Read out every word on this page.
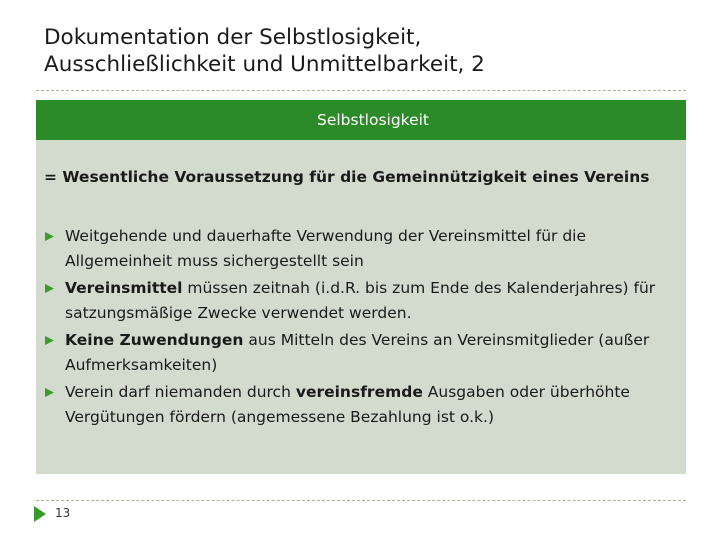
Dokumentation der Selbstlosigkeit,
Ausschließlichkeit und Unmittelbarkeit, 2
Selbstlosigkeit
= Wesentliche Voraussetzung für die Gemeinnützigkeit eines Vereins
Weitgehende und dauerhafte Verwendung der Vereinsmittel für die Allgemeinheit muss sichergestellt sein
Vereinsmittel müssen zeitnah (i.d.R. bis zum Ende des Kalenderjahres) für satzungsmäßige Zwecke verwendet werden.
Keine Zuwendungen aus Mitteln des Vereins an Vereinsmitglieder (außer Aufmerksamkeiten)
Verein darf niemanden durch vereinsfremde Ausgaben oder überhöhte Vergütungen fördern (angemessene Bezahlung ist o.k.)
13
